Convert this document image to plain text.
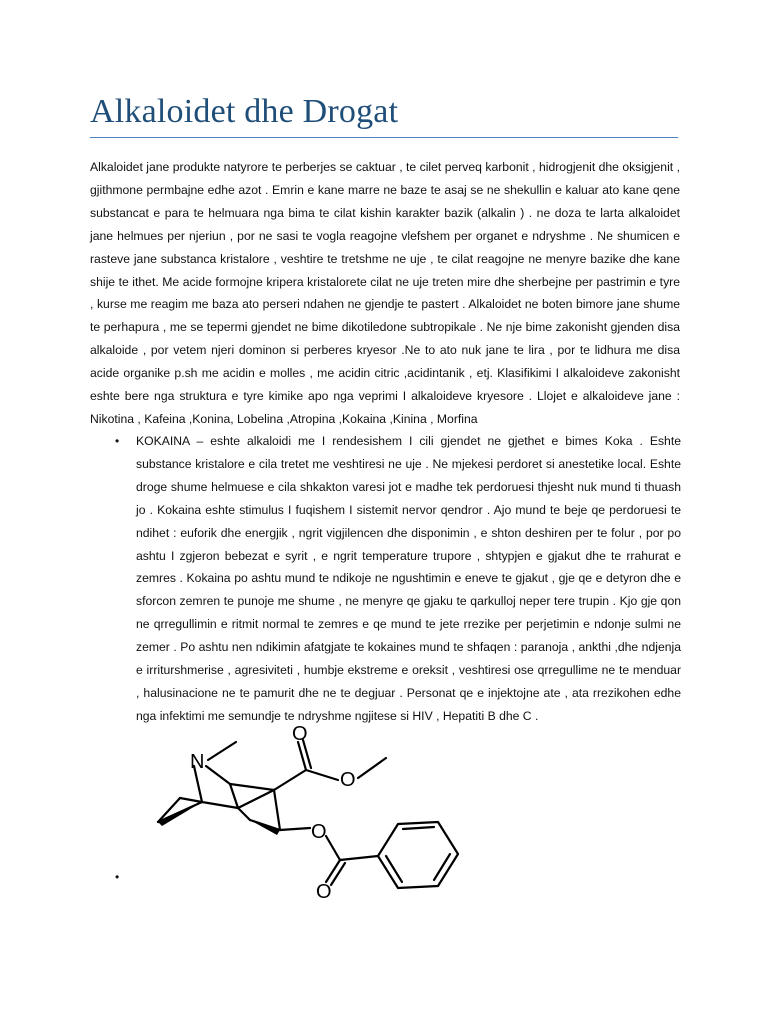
Alkaloidet dhe Drogat

Alkaloidet jane produkte natyrore te perberjes se caktuar , te cilet perveq karbonit , hidrogjenit dhe oksigjenit , gjithmone permbajne edhe azot . Emrin e kane marre ne baze te asaj se ne shekullin e kaluar ato kane qene substancat e para te helmuara nga bima te cilat kishin karakter bazik (alkalin ) . ne doza te larta alkaloidet jane helmues per njeriun , por ne sasi te vogla reagojne vlefshem per organet e ndryshme . Ne shumicen e rasteve jane substanca kristalore , veshtire te tretshme ne uje , te cilat reagojne ne menyre bazike dhe kane shije te ithet. Me acide formojne kripera kristalorete cilat ne uje treten mire dhe sherbejne per pastrimin e tyre , kurse me reagim me baza ato perseri ndahen ne gjendje te pastert . Alkaloidet ne boten bimore jane shume te perhapura , me se tepermi gjendet ne bime dikotiledone subtropikale . Ne nje bime zakonisht gjenden disa alkaloide , por vetem njeri dominon si perberes kryesor .Ne to ato nuk jane te lira , por te lidhura me disa acide organike p.sh me acidin e molles , me acidin citric ,acidintanik , etj. Klasifikimi I alkaloideve zakonisht eshte bere nga struktura e tyre kimike apo nga veprimi I alkaloideve kryesore . Llojet e alkaloideve jane : Nikotina , Kafeina ,Konina, Lobelina ,Atropina ,Kokaina ,Kinina , Morfina

• KOKAINA – eshte alkaloidi me I rendesishem I cili gjendet ne gjethet e bimes Koka . Eshte substance kristalore e cila tretet me veshtiresi ne uje . Ne mjekesi perdoret si anestetike local. Eshte droge shume helmuese e cila shkakton varesi jot e madhe tek perdoruesi thjesht nuk mund ti thuash jo . Kokaina eshte stimulus I fuqishem I sistemit nervor qendror . Ajo mund te beje qe perdoruesi te ndihet : euforik dhe energjik , ngrit vigjilencen dhe disponimin , e shton deshiren per te folur , por po ashtu I zgjeron bebezat e syrit , e ngrit temperature trupore , shtypjen e gjakut dhe te rrahurat e zemres . Kokaina po ashtu mund te ndikoje ne ngushtimin e eneve te gjakut , gje qe e detyron dhe e sforcon zemren te punoje me shume , ne menyre qe gjaku te qarkulloj neper tere trupin . Kjo gje qon ne qrregullimin e ritmit normal te zemres e qe mund te jete rrezike per perjetimin e ndonje sulmi ne zemer . Po ashtu nen ndikimin afatgjate te kokaines mund te shfaqen : paranoja , ankthi ,dhe ndjenja e irriturshmerise , agresiviteti , humbje ekstreme e oreksit , veshtiresi ose qrregullime ne te menduar , halusinacione ne te pamurit dhe ne te degjuar . Personat qe e injektojne ate , ata rrezikohen edhe nga infektimi me semundje te ndryshme ngjitese si HIV , Hepatiti B dhe C .
N
O
O
O
O
•
